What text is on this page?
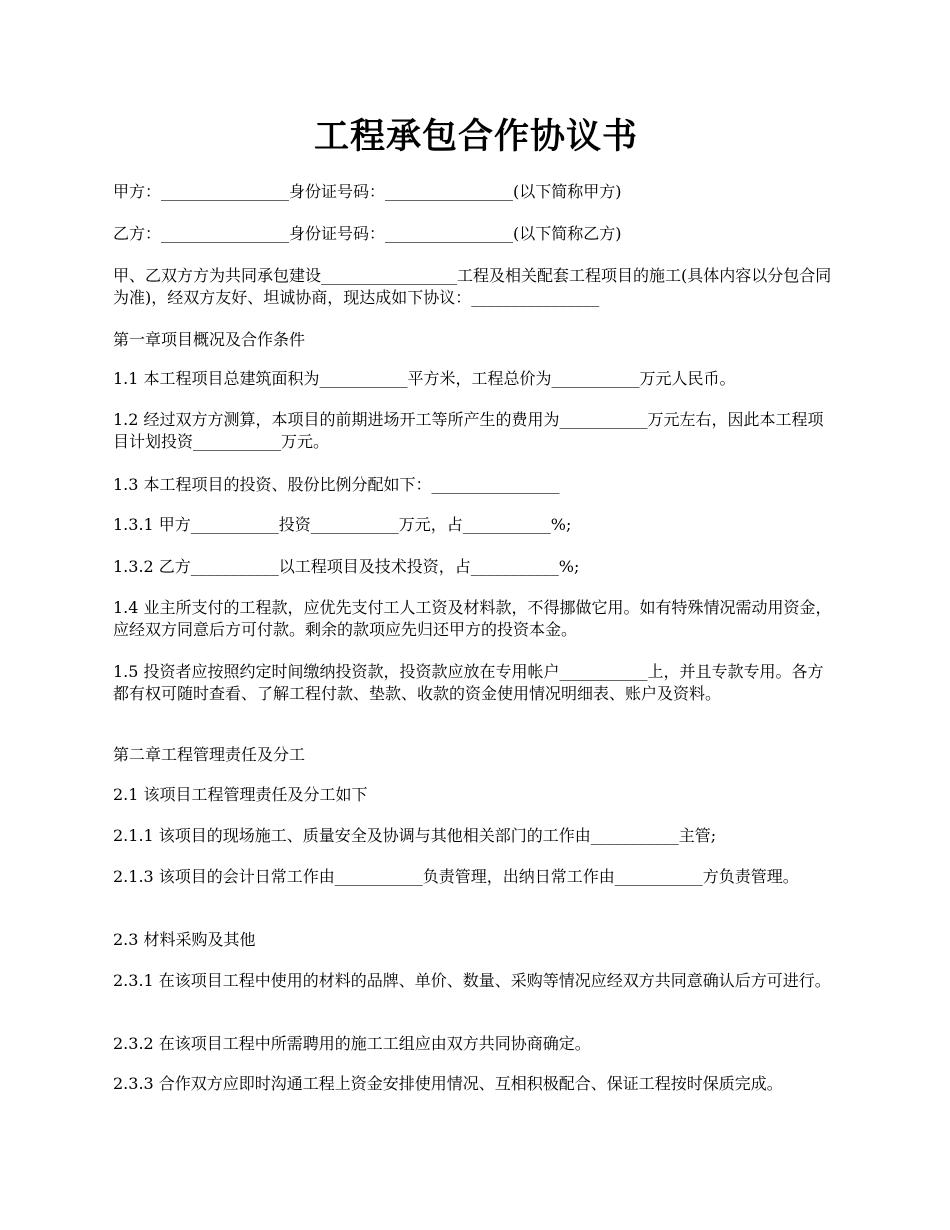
工程承包合作协议书

甲方：________________身份证号码：________________(以下简称甲方)

乙方：________________身份证号码：________________(以下简称乙方)

甲、乙双方方为共同承包建设_________________工程及相关配套工程项目的施工(具体内容以分包合同为准)，经双方友好、坦诚协商，现达成如下协议：________________

第一章项目概况及合作条件

1.1 本工程项目总建筑面积为___________平方米，工程总价为___________万元人民币。

1.2 经过双方方测算，本项目的前期进场开工等所产生的费用为___________万元左右，因此本工程项目计划投资___________万元。

1.3 本工程项目的投资、股份比例分配如下：________________

1.3.1 甲方___________投资___________万元，占___________%;

1.3.2 乙方___________以工程项目及技术投资，占___________%;

1.4 业主所支付的工程款，应优先支付工人工资及材料款，不得挪做它用。如有特殊情况需动用资金，应经双方同意后方可付款。剩余的款项应先归还甲方的投资本金。

1.5 投资者应按照约定时间缴纳投资款，投资款应放在专用帐户___________上，并且专款专用。各方都有权可随时查看、了解工程付款、垫款、收款的资金使用情况明细表、账户及资料。

第二章工程管理责任及分工

2.1 该项目工程管理责任及分工如下

2.1.1 该项目的现场施工、质量安全及协调与其他相关部门的工作由___________主管;

2.1.3 该项目的会计日常工作由___________负责管理，出纳日常工作由___________方负责管理。

2.3 材料采购及其他

2.3.1 在该项目工程中使用的材料的品牌、单价、数量、采购等情况应经双方共同意确认后方可进行。

2.3.2 在该项目工程中所需聘用的施工工组应由双方共同协商确定。

2.3.3 合作双方应即时沟通工程上资金安排使用情况、互相积极配合、保证工程按时保质完成。
